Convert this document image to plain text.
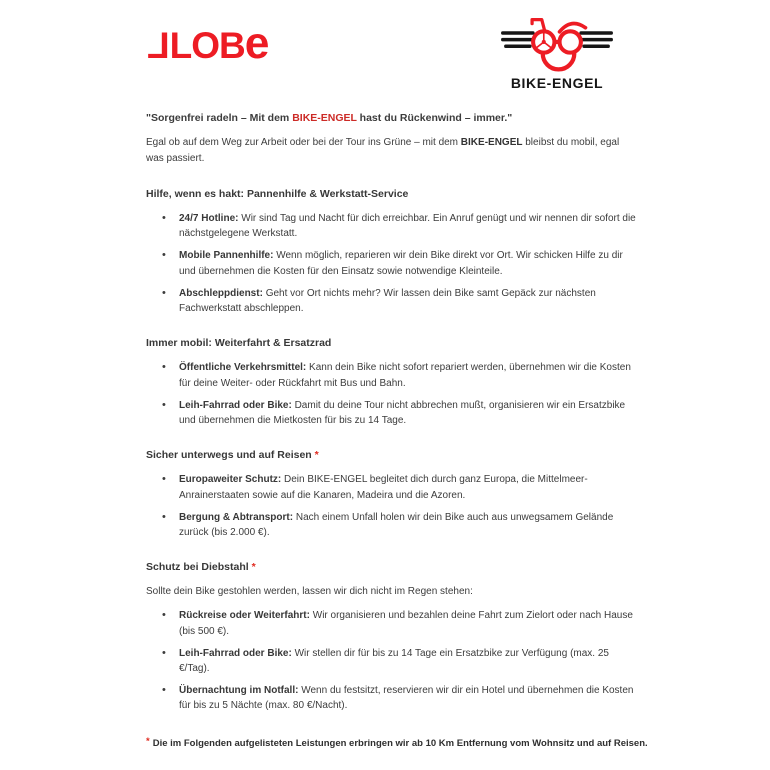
LLOBe
BIKE-ENGEL

"Sorgenfrei radeln – Mit dem BIKE-ENGEL hast du Rückenwind – immer."

Egal ob auf dem Weg zur Arbeit oder bei der Tour ins Grüne – mit dem BIKE-ENGEL bleibst du mobil, egal was passiert.

Hilfe, wenn es hakt: Pannenhilfe & Werkstatt-Service
• 24/7 Hotline: Wir sind Tag und Nacht für dich erreichbar. Ein Anruf genügt und wir nennen dir sofort die nächstgelegene Werkstatt.
• Mobile Pannenhilfe: Wenn möglich, reparieren wir dein Bike direkt vor Ort. Wir schicken Hilfe zu dir und übernehmen die Kosten für den Einsatz sowie notwendige Kleinteile.
• Abschleppdienst: Geht vor Ort nichts mehr? Wir lassen dein Bike samt Gepäck zur nächsten Fachwerkstatt abschleppen.
Immer mobil: Weiterfahrt & Ersatzrad
• Öffentliche Verkehrsmittel: Kann dein Bike nicht sofort repariert werden, übernehmen wir die Kosten für deine Weiter- oder Rückfahrt mit Bus und Bahn.
• Leih-Fahrrad oder Bike: Damit du deine Tour nicht abbrechen mußt, organisieren wir ein Ersatzbike und übernehmen die Mietkosten für bis zu 14 Tage.
Sicher unterwegs und auf Reisen *
• Europaweiter Schutz: Dein BIKE-ENGEL begleitet dich durch ganz Europa, die Mittelmeer-Anrainerstaaten sowie auf die Kanaren, Madeira und die Azoren.
• Bergung & Abtransport: Nach einem Unfall holen wir dein Bike auch aus unwegsamem Gelände zurück (bis 2.000 €).
Schutz bei Diebstahl *

Sollte dein Bike gestohlen werden, lassen wir dich nicht im Regen stehen:

• Rückreise oder Weiterfahrt: Wir organisieren und bezahlen deine Fahrt zum Zielort oder nach Hause (bis 500 €).
• Leih-Fahrrad oder Bike: Wir stellen dir für bis zu 14 Tage ein Ersatzbike zur Verfügung (max. 25 €/Tag).
• Übernachtung im Notfall: Wenn du festsitzt, reservieren wir dir ein Hotel und übernehmen die Kosten für bis zu 5 Nächte (max. 80 €/Nacht).

* Die im Folgenden aufgelisteten Leistungen erbringen wir ab 10 Km Entfernung vom Wohnsitz und auf Reisen.
